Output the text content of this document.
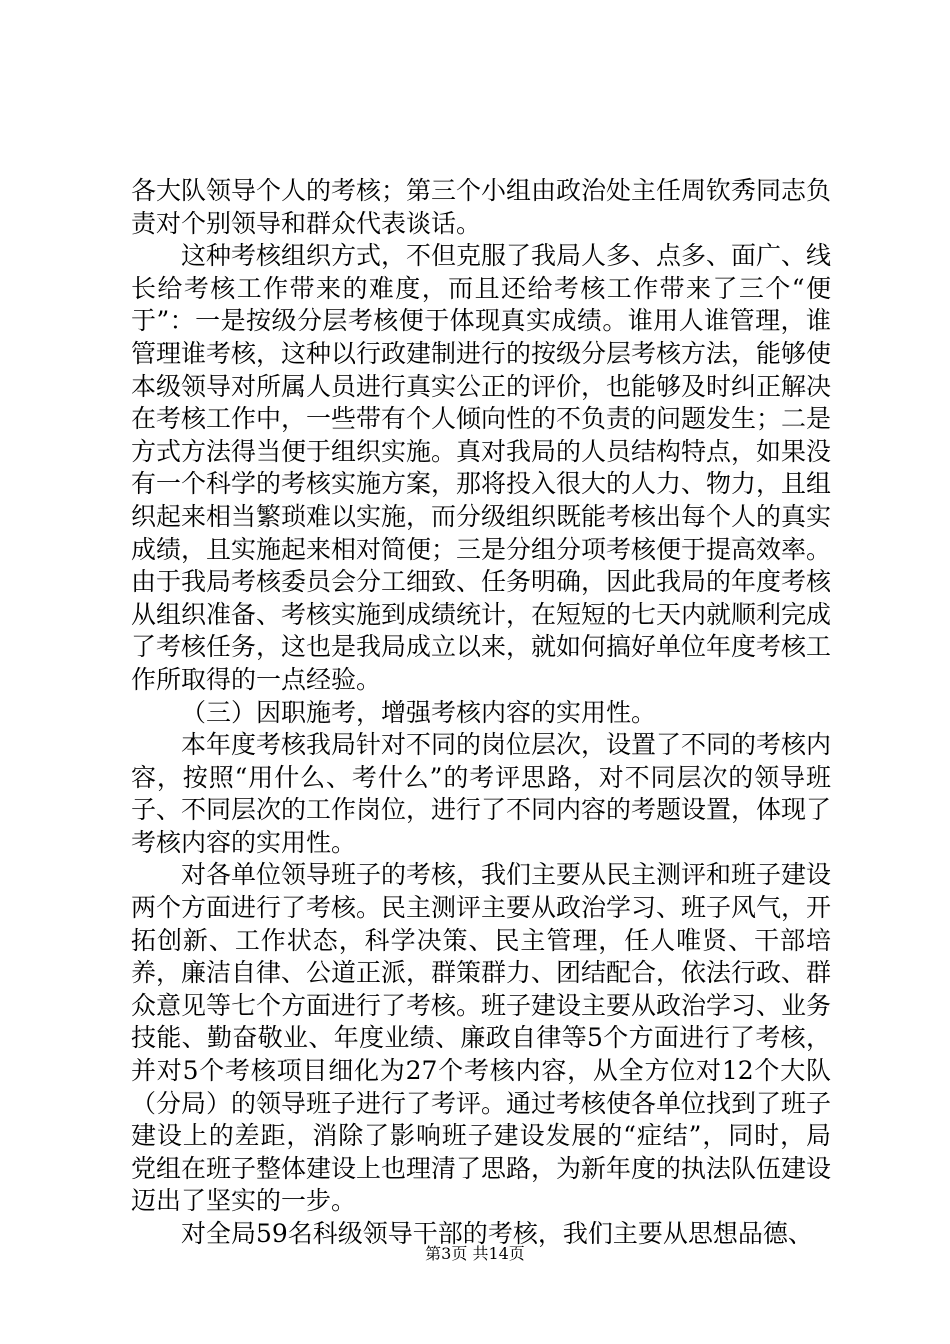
各大队领导个人的考核；第三个小组由政治处主任周钦秀同志负责对个别领导和群众代表谈话。

这种考核组织方式，不但克服了我局人多、点多、面广、线长给考核工作带来的难度，而且还给考核工作带来了三个“便于”：一是按级分层考核便于体现真实成绩。谁用人谁管理，谁管理谁考核，这种以行政建制进行的按级分层考核方法，能够使本级领导对所属人员进行真实公正的评价，也能够及时纠正解决在考核工作中，一些带有个人倾向性的不负责的问题发生；二是方式方法得当便于组织实施。真对我局的人员结构特点，如果没有一个科学的考核实施方案，那将投入很大的人力、物力，且组织起来相当繁琐难以实施，而分级组织既能考核出每个人的真实成绩，且实施起来相对简便；三是分组分项考核便于提高效率。由于我局考核委员会分工细致、任务明确，因此我局的年度考核从组织准备、考核实施到成绩统计，在短短的七天内就顺利完成了考核任务，这也是我局成立以来，就如何搞好单位年度考核工作所取得的一点经验。

（三）因职施考，增强考核内容的实用性。

本年度考核我局针对不同的岗位层次，设置了不同的考核内容，按照“用什么、考什么”的考评思路，对不同层次的领导班子、不同层次的工作岗位，进行了不同内容的考题设置，体现了考核内容的实用性。

对各单位领导班子的考核，我们主要从民主测评和班子建设两个方面进行了考核。民主测评主要从政治学习、班子风气，开拓创新、工作状态，科学决策、民主管理，任人唯贤、干部培养，廉洁自律、公道正派，群策群力、团结配合，依法行政、群众意见等七个方面进行了考核。班子建设主要从政治学习、业务技能、勤奋敬业、年度业绩、廉政自律等5个方面进行了考核，并对5个考核项目细化为27个考核内容，从全方位对12个大队（分局）的领导班子进行了考评。通过考核使各单位找到了班子建设上的差距，消除了影响班子建设发展的“症结”，同时，局党组在班子整体建设上也理清了思路，为新年度的执法队伍建设迈出了坚实的一步。

对全局59名科级领导干部的考核，我们主要从思想品德、

第3页 共14页
